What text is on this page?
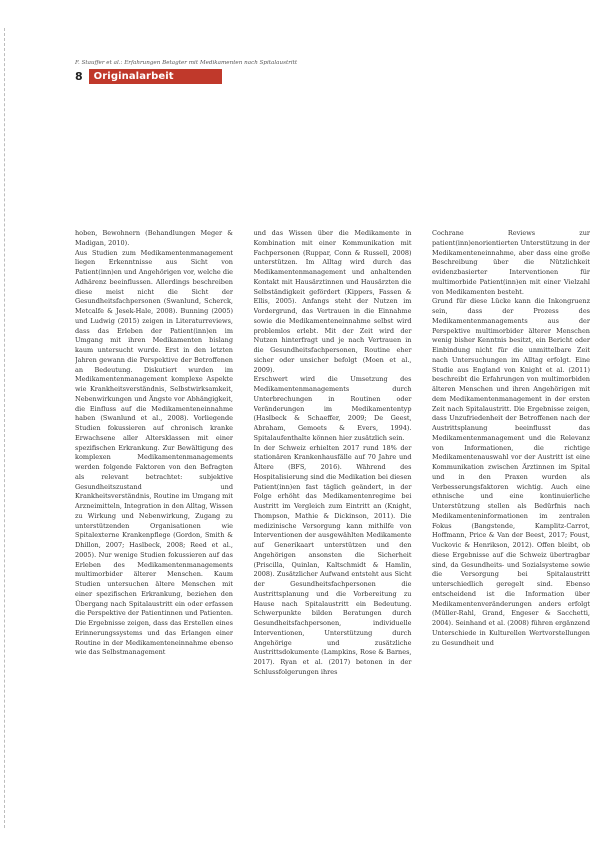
F. Stauffer et al.: Erfahrungen Betagter mit Medikamenten nach Spitalaustritt
8	Originalarbeit

hoben, Bewohnern (Behandlungen Meger & Madigan, 2010).

Aus Studien zum Medikamentenmanagement liegen Erkenntnisse aus Sicht von Patient(inn)en und Angehörigen vor, welche die Adhärenz beeinflussen. Allerdings beschreiben diese meist nicht die Sicht der Gesundheitsfachpersonen (Swanlund, Scherck, Metcalfe & Jesek-Hale, 2008). Bunning (2005) und Ludwig (2015) zeigen in Literaturreviews, dass das Erleben der Patient(inn)en im Umgang mit ihren Medikamenten bislang kaum untersucht wurde. Erst in den letzten Jahren gewann die Perspektive der Betroffenen an Bedeutung. Diskutiert wurden im Medikamentenmanagement komplexe Aspekte wie Krankheitsverständnis, Selbstwirksamkeit, Nebenwirkungen und Ängste vor Abhängigkeit, die Einfluss auf die Medikamenteneinnahme haben (Swanlund et al., 2008). Vorliegende Studien fokussieren auf chronisch kranke Erwachsene aller Altersklassen mit einer spezifischen Erkrankung. Zur Bewältigung des komplexen Medikamentenmanagements werden folgende Faktoren von den Befragten als relevant betrachtet: subjektive Gesundheitszustand und Krankheitsverständnis, Routine im Umgang mit Arzneimitteln, Integration in den Alltag, Wissen zu Wirkung und Nebenwirkung, Zugang zu unterstützenden Organisationen wie Spitalexterne Krankenpflege (Gordon, Smith & Dhillon, 2007; Haslbeck, 2008; Reed et al., 2005). Nur wenige Studien fokussieren auf das Erleben des Medikamentenmanagements multimorbider älterer Menschen. Kaum Studien untersuchen ältere Menschen mit einer spezifischen Erkrankung, beziehen den Übergang nach Spitalaustritt ein oder erfassen die Perspektive der Patientinnen und Patienten. Die Ergebnisse zeigen, dass das Erstellen eines Erinnerungssystems und das Erlangen einer Routine in der Medikamenteneinnahme ebenso wie das Selbstmanagement

und das Wissen über die Medikamente in Kombination mit einer Kommunikation mit Fachpersonen (Ruppar, Conn & Russell, 2008) unterstützen. Im Alltag wird durch das Medikamentenmanagement und anhaltenden Kontakt mit Hausärztinnen und Hausärzten die Selbständigkeit gefördert (Kippers, Fassen & Ellis, 2005). Anfangs steht der Nutzen im Vordergrund, das Vertrauen in die Einnahme sowie die Medikamenteneinnahme selbst wird problemlos erlebt. Mit der Zeit wird der Nutzen hinterfragt und je nach Vertrauen in die Gesundheitsfachpersonen, Routine eher sicher oder unsicher befolgt (Moen et al., 2009).

Erschwert wird die Umsetzung des Medikamentenmanagements durch Unterbrechungen in Routinen oder Veränderungen im Medikamententyp (Haslbeck & Schaeffer, 2009; De Geest, Abraham, Gemoets & Evers, 1994). Spitalaufenthalte können hier zusätzlich sein.

In der Schweiz erhielten 2017 rund 18% der stationären Krankenhausfälle auf 70 Jahre und Ältere (BFS, 2016). Während des Hospitalisierung sind die Medikation bei diesen Patient(inn)en fast täglich geändert, in der Folge erhöht das Medikamentenregime bei Austritt im Vergleich zum Eintritt an (Knight, Thompson, Mathie & Dickinson, 2011). Die medizinische Versorgung kann mithilfe von Interventionen der ausgewählten Medikamente auf Generikaart unterstützen und den Angehörigen ansonsten die Sicherheit (Priscilla, Quinlan, Kaltschmidt & Hamlin, 2008). Zusätzlicher Aufwand entsteht aus Sicht der Gesundheitsfachpersonen die Austrittsplanung und die Vorbereitung zu Hause nach Spitalaustritt ein Bedeutung. Schwerpunkte bilden Beratungen durch Gesundheitsfachpersonen, individuelle Interventionen, Unterstützung durch Angehörige und zusätzliche Austrittsdokumente (Lampkins, Rose & Barnes, 2017). Ryan et al. (2017) betonen in der Schlussfolgerungen ihres

Cochrane Reviews zur patient(inn)enorientierten Unterstützung in der Medikamenteneinnahme, aber dass eine große Beschreibung über die Nützlichkeit evidenzbasierter Interventionen für multimorbide Patient(inn)en mit einer Vielzahl von Medikamenten besteht.

Grund für diese Lücke kann die Inkongruenz sein, dass der Prozess des Medikamentenmanagements aus der Perspektive multimorbider älterer Menschen wenig bisher Kenntnis besitzt, ein Bericht oder Einbindung nicht für die unmittelbare Zeit nach Untersuchungen im Alltag erfolgt. Eine Studie aus England von Knight et al. (2011) beschreibt die Erfahrungen von multimorbiden älteren Menschen und ihren Angehörigen mit dem Medikamentenmanagement in der ersten Zeit nach Spitalaustritt. Die Ergebnisse zeigen, dass Unzufriedenheit der Betroffenen nach der Austrittsplanung beeinflusst das Medikamentenmanagement und die Relevanz von Informationen, die richtige Medikamentenauswahl vor der Austritt ist eine Kommunikation zwischen Ärztinnen im Spital und in den Praxen wurden als Verbesserungsfaktoren wichtig. Auch eine ethnische und eine kontinuierliche Unterstützung stellen als Bedürfnis nach Medikamenteninformationen im zentralen Fokus (Bangstende, Kamplitz-Carrot, Hoffmann, Price & Van der Beest, 2017; Foust, Vuckovic & Henrikson, 2012). Offen bleibt, ob diese Ergebnisse auf die Schweiz übertragbar sind, da Gesundheits- und Sozialsysteme sowie die Versorgung bei Spitalaustritt unterschiedlich geregelt sind. Ebenso entscheidend ist die Information über Medikamentenveränderungen anders erfolgt (Müller-Rahl, Grand, Engeser & Sacchetti, 2004). Seinhand et al. (2008) führen ergänzend Unterschiede in Kulturellen Wertvorstellungen zu Gesundheit und
